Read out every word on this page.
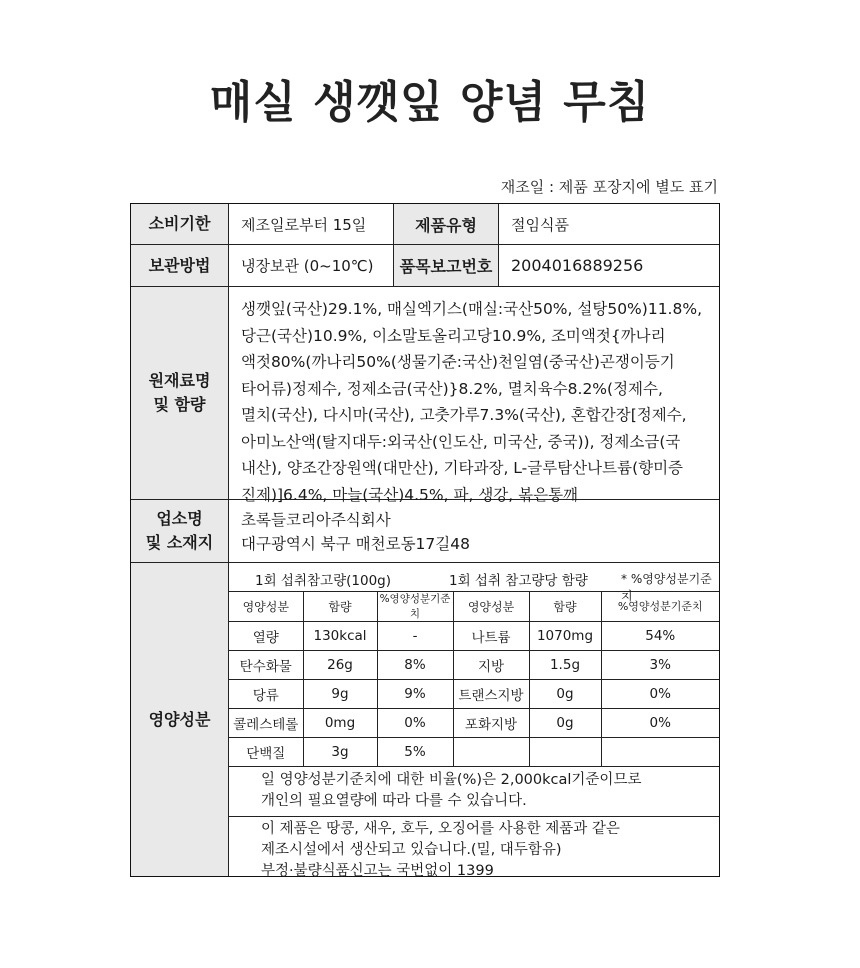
매실 생깻잎 양념 무침
재조일 : 제품 포장지에 별도 표기
소비기한	제조일로부터 15일	제품유형	절임식품
보관방법	냉장보관 (0~10℃)	품목보고번호	2004016889256
원재료명
및 함량
생깻잎(국산)29.1%, 매실엑기스(매실:국산50%, 설탕50%)11.8%,
당근(국산)10.9%, 이소말토올리고당10.9%, 조미액젓{까나리
액젓80%(까나리50%(생물기준:국산)천일염(중국산)곤쟁이등기
타어류)정제수, 정제소금(국산)}8.2%, 멸치육수8.2%(정제수,
멸치(국산), 다시마(국산), 고춧가루7.3%(국산), 혼합간장[정제수,
아미노산액(탈지대두:외국산(인도산, 미국산, 중국)), 정제소금(국
내산), 양조간장원액(대만산), 기타과장, L-글루탐산나트륨(향미증
진제)]6.4%, 마늘(국산)4.5%, 파, 생강, 볶은통깨
업소명
및 소재지
초록들코리아주식회사
대구광역시 북구 매천로동17길48
영양성분
1회 섭취참고량(100g)	1회 섭취 참고량당 함량	* %영양성분기준치
영양성분	함량	%영양성분기준치	영양성분	함량	%영양성분기준치
열량	130kcal	-	나트륨	1070mg	54%
탄수화물	26g	8%	지방	1.5g	3%
당류	9g	9%	트랜스지방	0g	0%
콜레스테롤	0mg	0%	포화지방	0g	0%
단백질	3g	5%			
일 영양성분기준치에 대한 비율(%)은 2,000kcal기준이므로
개인의 필요열량에 따라 다를 수 있습니다.
이 제품은 땅콩, 새우, 호두, 오징어를 사용한 제품과 같은
제조시설에서 생산되고 있습니다.(밀, 대두함유)
부정·불량식품신고는 국번없이 1399
